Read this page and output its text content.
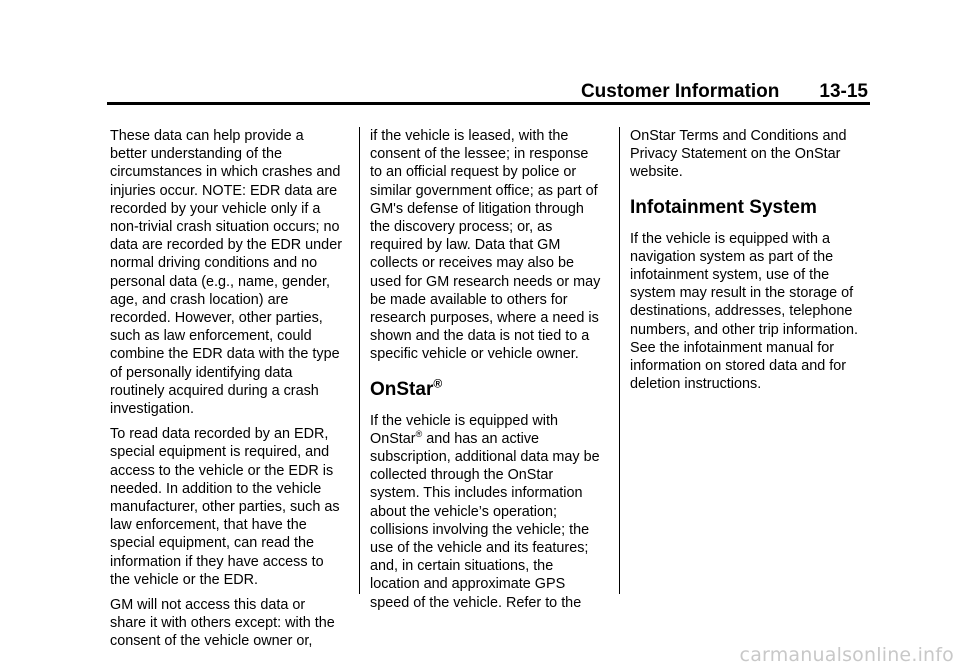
Customer Information 13-15

These data can help provide a
better understanding of the
circumstances in which crashes and
injuries occur. NOTE: EDR data are
recorded by your vehicle only if a
non-trivial crash situation occurs; no
data are recorded by the EDR under
normal driving conditions and no
personal data (e.g., name, gender,
age, and crash location) are
recorded. However, other parties,
such as law enforcement, could
combine the EDR data with the type
of personally identifying data
routinely acquired during a crash
investigation.

To read data recorded by an EDR,
special equipment is required, and
access to the vehicle or the EDR is
needed. In addition to the vehicle
manufacturer, other parties, such as
law enforcement, that have the
special equipment, can read the
information if they have access to
the vehicle or the EDR.

GM will not access this data or
share it with others except: with the
consent of the vehicle owner or,

if the vehicle is leased, with the
consent of the lessee; in response
to an official request by police or
similar government office; as part of
GM's defense of litigation through
the discovery process; or, as
required by law. Data that GM
collects or receives may also be
used for GM research needs or may
be made available to others for
research purposes, where a need is
shown and the data is not tied to a
specific vehicle or vehicle owner.

OnStar®

If the vehicle is equipped with
OnStar® and has an active
subscription, additional data may be
collected through the OnStar
system. This includes information
about the vehicle’s operation;
collisions involving the vehicle; the
use of the vehicle and its features;
and, in certain situations, the
location and approximate GPS
speed of the vehicle. Refer to the

OnStar Terms and Conditions and
Privacy Statement on the OnStar
website.

Infotainment System

If the vehicle is equipped with a
navigation system as part of the
infotainment system, use of the
system may result in the storage of
destinations, addresses, telephone
numbers, and other trip information.
See the infotainment manual for
information on stored data and for
deletion instructions.

carmanualsonline.info
